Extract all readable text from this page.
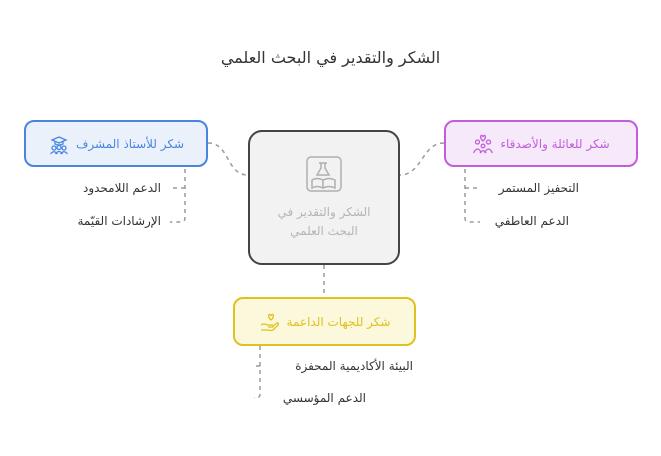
الشكر والتقدير في البحث العلمي
شكر للأستاذ المشرف
الدعم اللامحدود
الإرشادات القيّمة
شكر للعائلة والأصدقاء
التحفيز المستمر
الدعم العاطفي
الشكر والتقدير في البحث العلمي
شكر للجهات الداعمة
البيئة الأكاديمية المحفزة
الدعم المؤسسي
